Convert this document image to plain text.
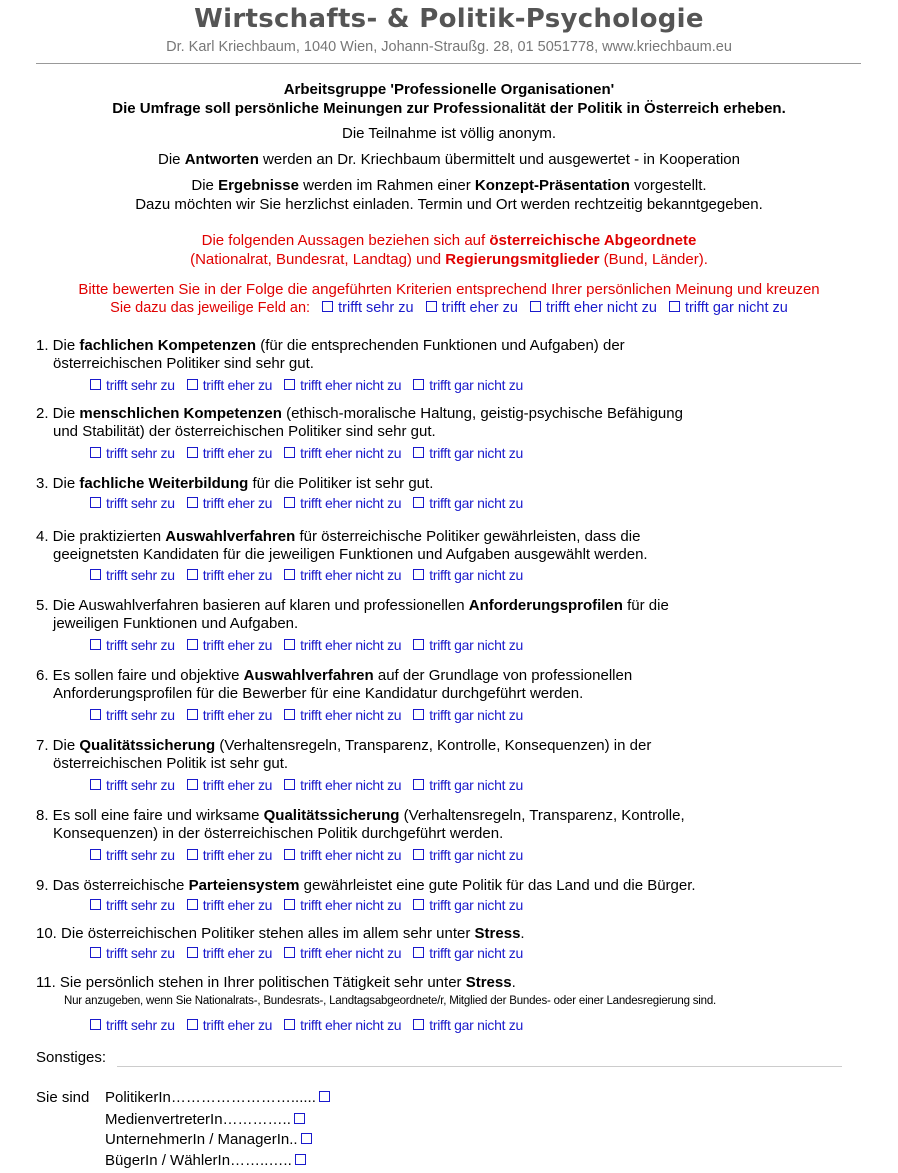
Wirtschafts- & Politik-Psychologie
Dr. Karl Kriechbaum, 1040 Wien, Johann-Straußg. 28, 01 5051778, www.kriechbaum.eu
Arbeitsgruppe 'Professionelle Organisationen'
Die Umfrage soll persönliche Meinungen zur Professionalität der Politik in Österreich erheben.
Die Teilnahme ist völlig anonym.
Die Antworten werden an Dr. Kriechbaum übermittelt und ausgewertet - in Kooperation
Die Ergebnisse werden im Rahmen einer Konzept-Präsentation vorgestellt.
Dazu möchten wir Sie herzlichst einladen. Termin und Ort werden rechtzeitig bekanntgegeben.
Die folgenden Aussagen beziehen sich auf österreichische Abgeordnete
(Nationalrat, Bundesrat, Landtag) und Regierungsmitglieder (Bund, Länder).
Bitte bewerten Sie in der Folge die angeführten Kriterien entsprechend Ihrer persönlichen Meinung und kreuzen
Sie dazu das jeweilige Feld an: trifft sehr zu trifft eher zu trifft eher nicht zu trifft gar nicht zu
1. Die fachlichen Kompetenzen (für die entsprechenden Funktionen und Aufgaben) der
österreichischen Politiker sind sehr gut.
trifft sehr zu trifft eher zu trifft eher nicht zu trifft gar nicht zu
2. Die menschlichen Kompetenzen (ethisch-moralische Haltung, geistig-psychische Befähigung
und Stabilität) der österreichischen Politiker sind sehr gut.
trifft sehr zu trifft eher zu trifft eher nicht zu trifft gar nicht zu
3. Die fachliche Weiterbildung für die Politiker ist sehr gut.
trifft sehr zu trifft eher zu trifft eher nicht zu trifft gar nicht zu
4. Die praktizierten Auswahlverfahren für österreichische Politiker gewährleisten, dass die
geeignetsten Kandidaten für die jeweiligen Funktionen und Aufgaben ausgewählt werden.
trifft sehr zu trifft eher zu trifft eher nicht zu trifft gar nicht zu
5. Die Auswahlverfahren basieren auf klaren und professionellen Anforderungsprofilen für die
jeweiligen Funktionen und Aufgaben.
trifft sehr zu trifft eher zu trifft eher nicht zu trifft gar nicht zu
6. Es sollen faire und objektive Auswahlverfahren auf der Grundlage von professionellen
Anforderungsprofilen für die Bewerber für eine Kandidatur durchgeführt werden.
trifft sehr zu trifft eher zu trifft eher nicht zu trifft gar nicht zu
7. Die Qualitätssicherung (Verhaltensregeln, Transparenz, Kontrolle, Konsequenzen) in der
österreichischen Politik ist sehr gut.
trifft sehr zu trifft eher zu trifft eher nicht zu trifft gar nicht zu
8. Es soll eine faire und wirksame Qualitätssicherung (Verhaltensregeln, Transparenz, Kontrolle,
Konsequenzen) in der österreichischen Politik durchgeführt werden.
trifft sehr zu trifft eher zu trifft eher nicht zu trifft gar nicht zu
9. Das österreichische Parteiensystem gewährleistet eine gute Politik für das Land und die Bürger.
trifft sehr zu trifft eher zu trifft eher nicht zu trifft gar nicht zu
10. Die österreichischen Politiker stehen alles im allem sehr unter Stress.
trifft sehr zu trifft eher zu trifft eher nicht zu trifft gar nicht zu
11. Sie persönlich stehen in Ihrer politischen Tätigkeit sehr unter Stress.
Nur anzugeben, wenn Sie Nationalrats-, Bundesrats-, Landtagsabgeordnete/r, Mitglied der Bundes- oder einer Landesregierung sind.
trifft sehr zu trifft eher zu trifft eher nicht zu trifft gar nicht zu
Sonstiges:
Sie sind PolitikerIn……………………......
MedienvertreterIn…………..
UnternehmerIn / ManagerIn..
BügerIn / WählerIn……..…..
